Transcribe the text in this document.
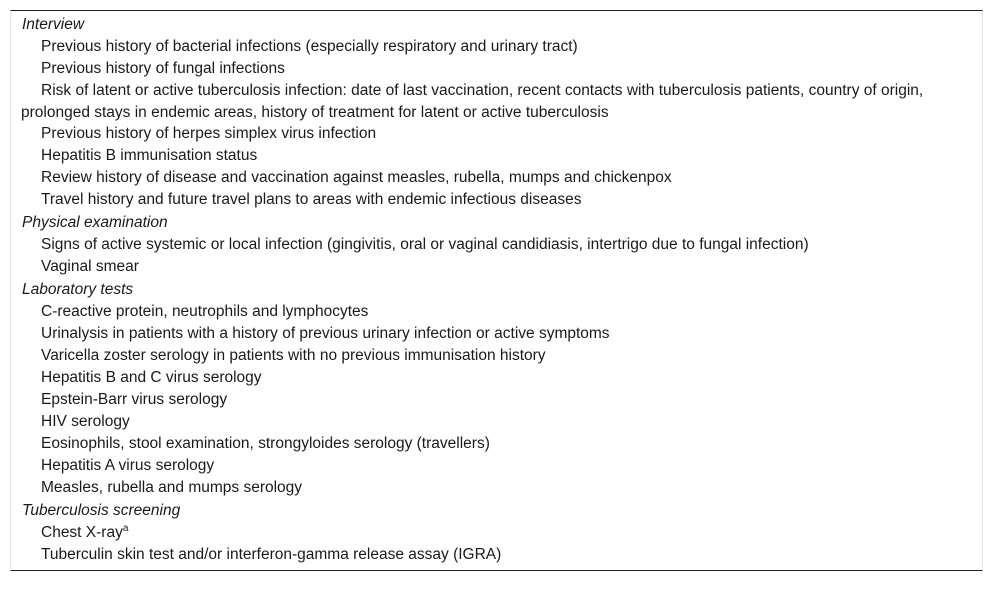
Interview

Previous history of bacterial infections (especially respiratory and urinary tract)

Previous history of fungal infections

Risk of latent or active tuberculosis infection: date of last vaccination, recent contacts with tuberculosis patients, country of origin, prolonged stays in endemic areas, history of treatment for latent or active tuberculosis

Previous history of herpes simplex virus infection

Hepatitis B immunisation status

Review history of disease and vaccination against measles, rubella, mumps and chickenpox

Travel history and future travel plans to areas with endemic infectious diseases

Physical examination

Signs of active systemic or local infection (gingivitis, oral or vaginal candidiasis, intertrigo due to fungal infection)

Vaginal smear

Laboratory tests

C-reactive protein, neutrophils and lymphocytes

Urinalysis in patients with a history of previous urinary infection or active symptoms

Varicella zoster serology in patients with no previous immunisation history

Hepatitis B and C virus serology

Epstein-Barr virus serology

HIV serology

Eosinophils, stool examination, strongyloides serology (travellers)

Hepatitis A virus serology

Measles, rubella and mumps serology

Tuberculosis screening

Chest X-ray$^a$

Tuberculin skin test and/or interferon-gamma release assay (IGRA)
